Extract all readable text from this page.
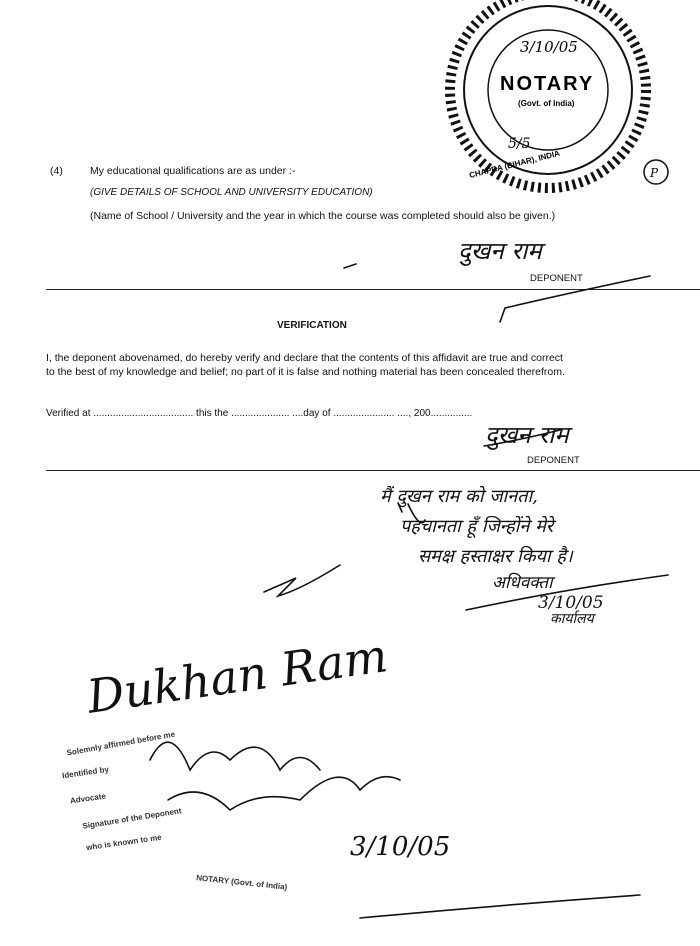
NOTARY
(Govt. of India)
5/5
3/10/05
CHAPRA (BIHAR), INDIA	P
(4)	My educational qualifications are as under :-
(GIVE DETAILS OF SCHOOL AND UNIVERSITY EDUCATION)
(Name of School / University and the year in which the course was completed should also be given.)
दुखन राम
DEPONENT
VERIFICATION
I, the deponent abovenamed, do hereby verify and declare that the contents of this affidavit are true and correct to the best of my knowledge and belief; no part of it is false and nothing material has been concealed therefrom.
Verified at .................................... this the ..................... ....day of ...................... ...., 200...............
दुखन राम
DEPONENT
मैं दुखन राम को जानता,
पहचानता हूँ जिन्होंने मेरे
समक्ष हस्ताक्षर किया है।
अधिवक्ता
3/10/05
कार्यालय
Solemnly affirmed before me
Identified by
Advocate
Signature of the Deponent
who is known to me
NOTARY (Govt. of India)
Dukhan Ram
3/10/05
